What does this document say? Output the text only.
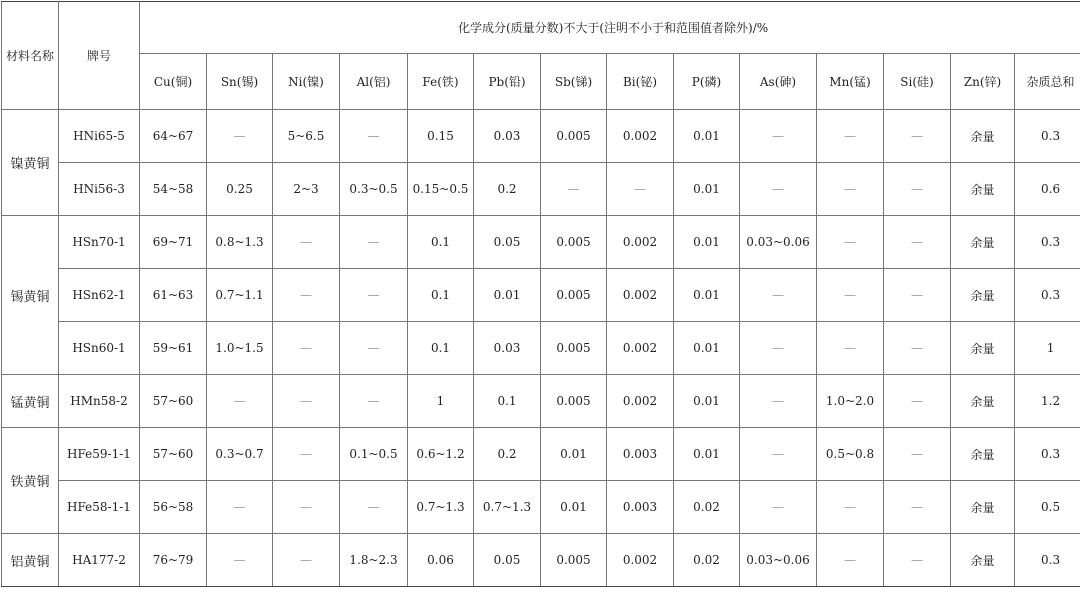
材料名称	牌号	化学成分(质量分数)不大于(注明不小于和范围值者除外)/%													
		Cu(铜)	Sn(锡)	Ni(镍)	Al(铝)	Fe(铁)	Pb(铅)	Sb(锑)	Bi(铋)	P(磷)	As(砷)	Mn(锰)	Si(硅)	Zn(锌)	杂质总和
镍黄铜	HNi65-5	64~67	—	5~6.5	—	0.15	0.03	0.005	0.002	0.01	—	—	—	余量	0.3
	HNi56-3	54~58	0.25	2~3	0.3~0.5	0.15~0.5	0.2	—	—	0.01	—	—	—	余量	0.6
锡黄铜	HSn70-1	69~71	0.8~1.3	—	—	0.1	0.05	0.005	0.002	0.01	0.03~0.06	—	—	余量	0.3
	HSn62-1	61~63	0.7~1.1	—	—	0.1	0.01	0.005	0.002	0.01	—	—	—	余量	0.3
	HSn60-1	59~61	1.0~1.5	—	—	0.1	0.03	0.005	0.002	0.01	—	—	—	余量	1
锰黄铜	HMn58-2	57~60	—	—	—	1	0.1	0.005	0.002	0.01	—	1.0~2.0	—	余量	1.2
铁黄铜	HFe59-1-1	57~60	0.3~0.7	—	0.1~0.5	0.6~1.2	0.2	0.01	0.003	0.01	—	0.5~0.8	—	余量	0.3
	HFe58-1-1	56~58	—	—	—	0.7~1.3	0.7~1.3	0.01	0.003	0.02	—	—	—	余量	0.5
铝黄铜	HA177-2	76~79	—	—	1.8~2.3	0.06	0.05	0.005	0.002	0.02	0.03~0.06	—	—	余量	0.3
